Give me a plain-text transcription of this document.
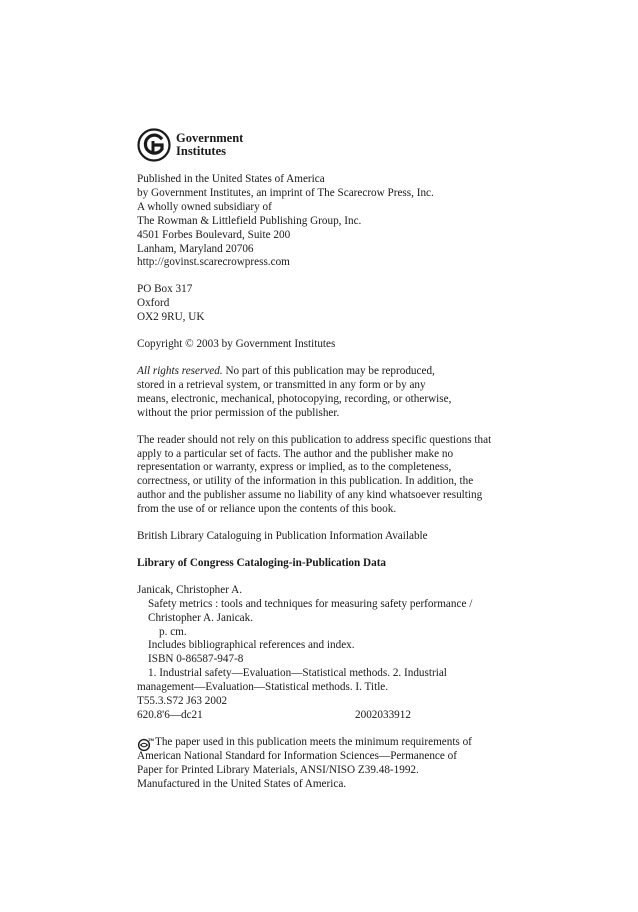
Government
Institutes
Published in the United States of America
by Government Institutes, an imprint of The Scarecrow Press, Inc.
A wholly owned subsidiary of
The Rowman & Littlefield Publishing Group, Inc.
4501 Forbes Boulevard, Suite 200
Lanham, Maryland 20706
http://govinst.scarecrowpress.com
PO Box 317
Oxford
OX2 9RU, UK
Copyright © 2003 by Government Institutes
All rights reserved. No part of this publication may be reproduced,
stored in a retrieval system, or transmitted in any form or by any
means, electronic, mechanical, photocopying, recording, or otherwise,
without the prior permission of the publisher.
The reader should not rely on this publication to address specific questions that
apply to a particular set of facts. The author and the publisher make no
representation or warranty, express or implied, as to the completeness,
correctness, or utility of the information in this publication. In addition, the
author and the publisher assume no liability of any kind whatsoever resulting
from the use of or reliance upon the contents of this book.
British Library Cataloguing in Publication Information Available
Library of Congress Cataloging-in-Publication Data
Janicak, Christopher A.
Safety metrics : tools and techniques for measuring safety performance /
Christopher A. Janicak.
p. cm.
Includes bibliographical references and index.
ISBN 0-86587-947-8
1. Industrial safety—Evaluation—Statistical methods. 2. Industrial
management—Evaluation—Statistical methods. I. Title.
T55.3.S72 J63 2002
620.8'6—dc21	2002033912
TM The paper used in this publication meets the minimum requirements of
American National Standard for Information Sciences—Permanence of
Paper for Printed Library Materials, ANSI/NISO Z39.48-1992.
Manufactured in the United States of America.
